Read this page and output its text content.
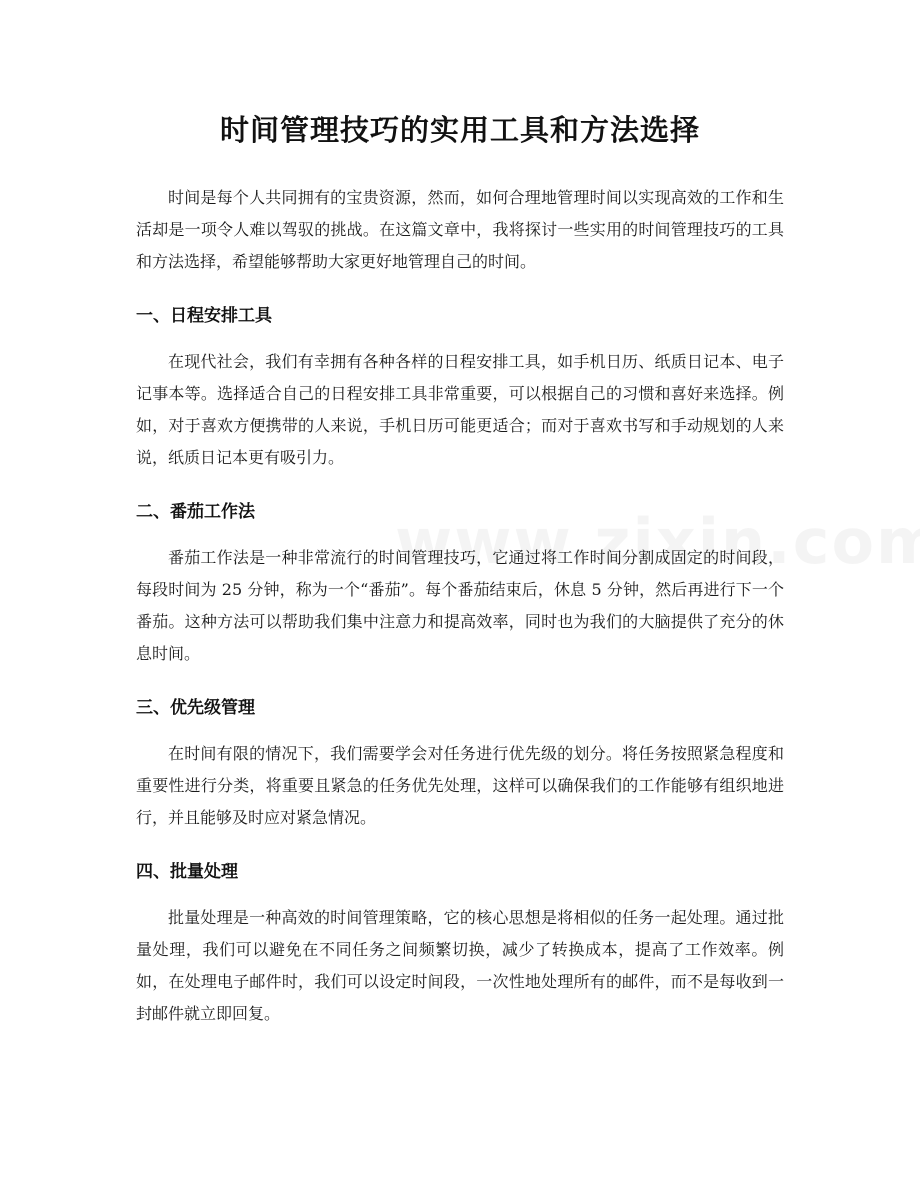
时间管理技巧的实用工具和方法选择

时间是每个人共同拥有的宝贵资源，然而，如何合理地管理时间以实现高效的工作和生活却是一项令人难以驾驭的挑战。在这篇文章中，我将探讨一些实用的时间管理技巧的工具和方法选择，希望能够帮助大家更好地管理自己的时间。

一、日程安排工具

在现代社会，我们有幸拥有各种各样的日程安排工具，如手机日历、纸质日记本、电子记事本等。选择适合自己的日程安排工具非常重要，可以根据自己的习惯和喜好来选择。例如，对于喜欢方便携带的人来说，手机日历可能更适合；而对于喜欢书写和手动规划的人来说，纸质日记本更有吸引力。

二、番茄工作法

番茄工作法是一种非常流行的时间管理技巧，它通过将工作时间分割成固定的时间段，每段时间为 25 分钟，称为一个“番茄”。每个番茄结束后，休息 5 分钟，然后再进行下一个番茄。这种方法可以帮助我们集中注意力和提高效率，同时也为我们的大脑提供了充分的休息时间。

三、优先级管理

在时间有限的情况下，我们需要学会对任务进行优先级的划分。将任务按照紧急程度和重要性进行分类，将重要且紧急的任务优先处理，这样可以确保我们的工作能够有组织地进行，并且能够及时应对紧急情况。

四、批量处理

批量处理是一种高效的时间管理策略，它的核心思想是将相似的任务一起处理。通过批量处理，我们可以避免在不同任务之间频繁切换，减少了转换成本，提高了工作效率。例如，在处理电子邮件时，我们可以设定时间段，一次性地处理所有的邮件，而不是每收到一封邮件就立即回复。
